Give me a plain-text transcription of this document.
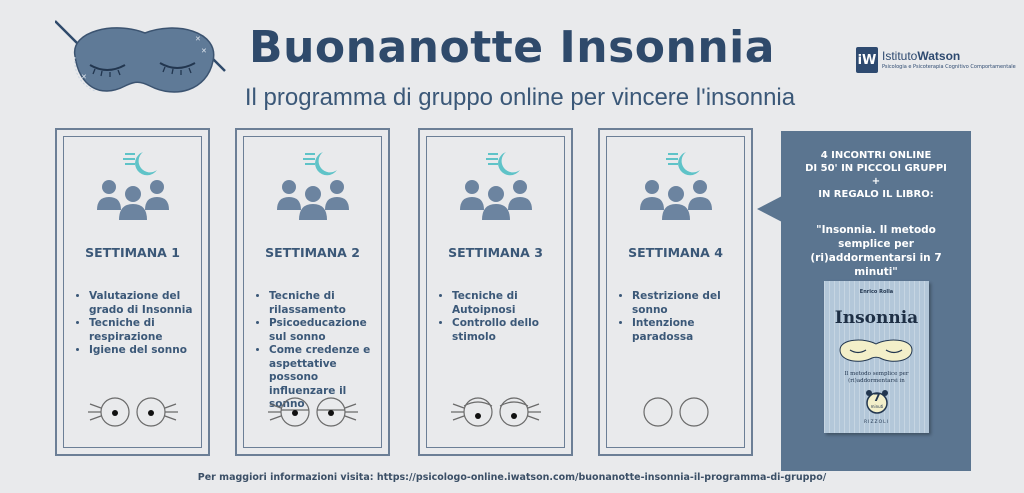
✕
✕
✕ Buonanotte Insonnia
Il programma di gruppo online per vincere l'insonnia
iW IstitutoWatson
Psicologia e Psicoterapia Cognitivo Comportamentale
SETTIMANA 1
• Valutazione del grado di Insonnia
• Tecniche di respirazione
• Igiene del sonno
SETTIMANA 2
• Tecniche di rilassamento
• Psicoeducazione sul sonno
• Come credenze e aspettative possono influenzare il sonno
SETTIMANA 3
• Tecniche di Autoipnosi
• Controllo dello stimolo
SETTIMANA 4
• Restrizione del sonno
• Intenzione paradossa
4 INCONTRI ONLINE
DI 50' IN PICCOLI GRUPPI
+
IN REGALO IL LIBRO:
"Insonnia. Il metodo semplice per (ri)addormentarsi in 7 minuti"
Enrico Rolla
Insonnia
Il metodo semplice per (ri)addormentarsi in
7
minuti
RIZZOLI
Per maggiori informazioni visita: https://psicologo-online.iwatson.com/buonanotte-insonnia-il-programma-di-gruppo/
